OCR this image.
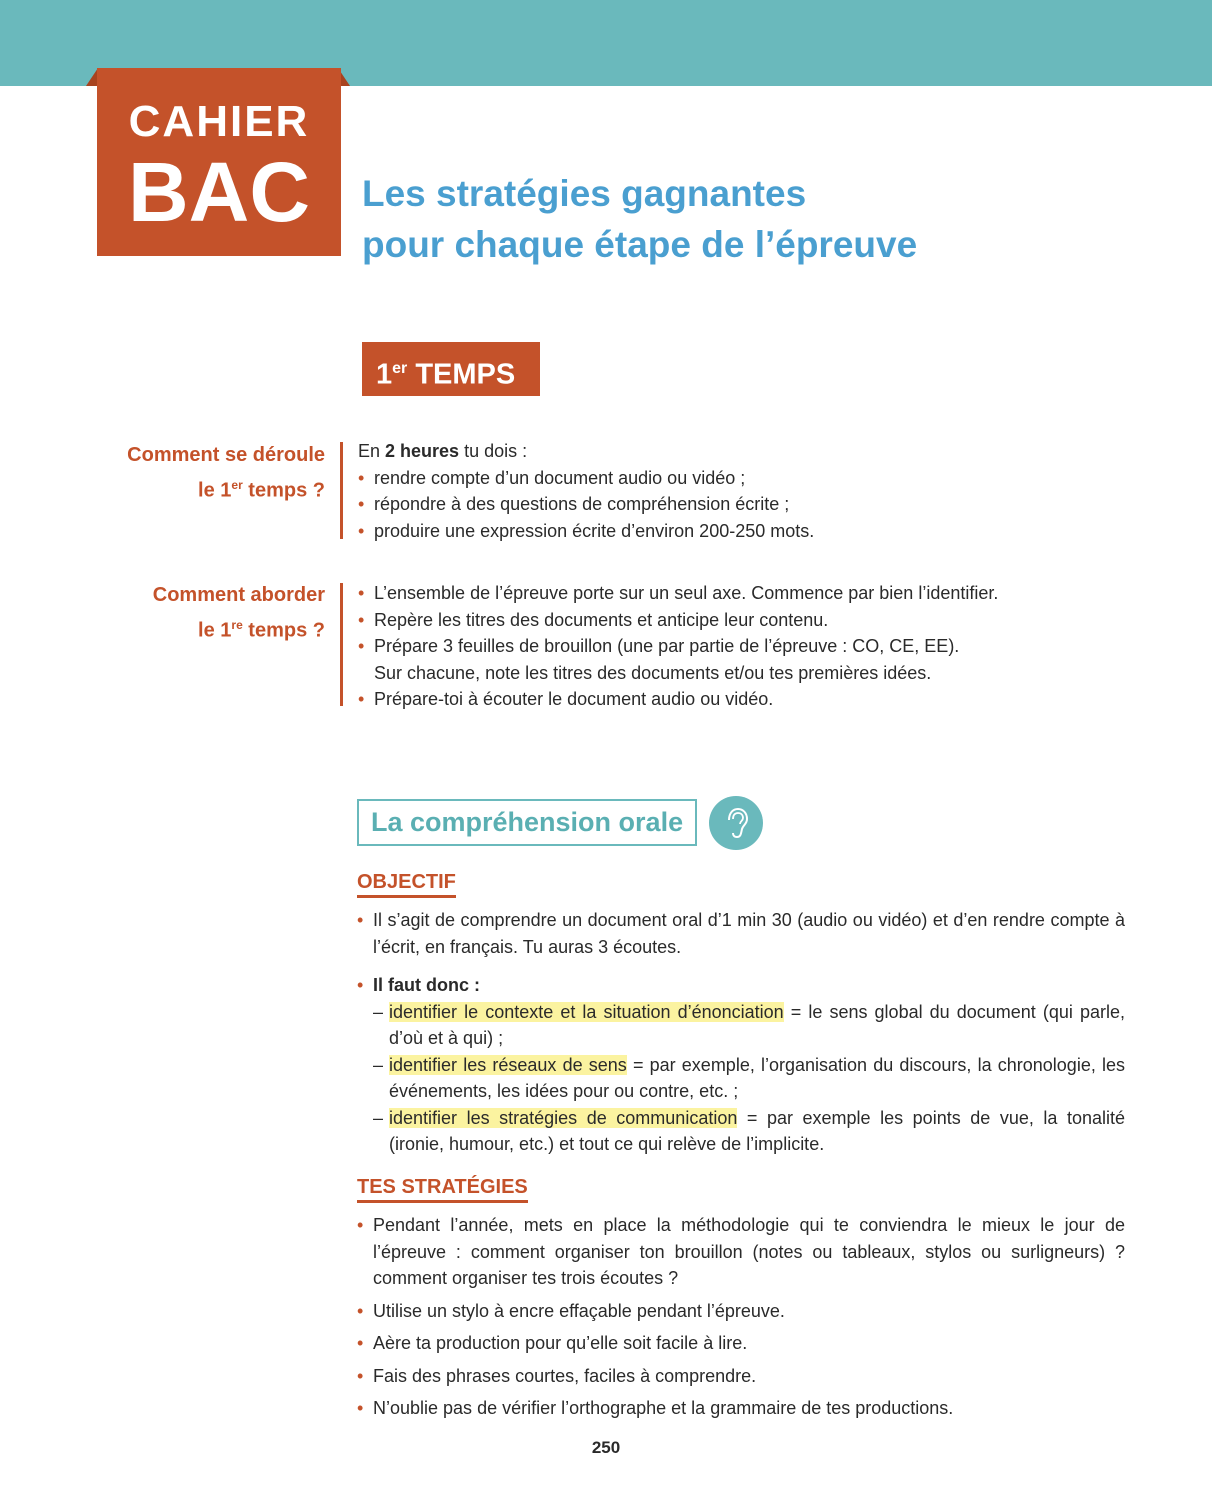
CAHIER
BAC	Les stratégies gagnantes
pour chaque étape de l’épreuve
1er TEMPS
Comment se déroule
le 1er temps ?
En 2 heures tu dois :
• rendre compte d’un document audio ou vidéo ;
• répondre à des questions de compréhension écrite ;
• produire une expression écrite d’environ 200-250 mots.
Comment aborder
le 1re temps ?
• L’ensemble de l’épreuve porte sur un seul axe. Commence par bien l’identifier.
• Repère les titres des documents et anticipe leur contenu.
• Prépare 3 feuilles de brouillon (une par partie de l’épreuve : CO, CE, EE).
Sur chacune, note les titres des documents et/ou tes premières idées.
• Prépare-toi à écouter le document audio ou vidéo.
La compréhension orale
OBJECTIF
• Il s’agit de comprendre un document oral d’1 min 30 (audio ou vidéo) et d’en rendre compte à l’écrit, en français. Tu auras 3 écoutes.
• Il faut donc :
– identifier le contexte et la situation d’énonciation = le sens global du document (qui parle, d’où et à qui) ;
– identifier les réseaux de sens = par exemple, l’organisation du discours, la chronologie, les événements, les idées pour ou contre, etc. ;
– identifier les stratégies de communication = par exemple les points de vue, la tonalité (ironie, humour, etc.) et tout ce qui relève de l’implicite.
TES STRATÉGIES
• Pendant l’année, mets en place la méthodologie qui te conviendra le mieux le jour de l’épreuve : comment organiser ton brouillon (notes ou tableaux, stylos ou surligneurs) ? comment organiser tes trois écoutes ?
• Utilise un stylo à encre effaçable pendant l’épreuve.
• Aère ta production pour qu’elle soit facile à lire.
• Fais des phrases courtes, faciles à comprendre.
• N’oublie pas de vérifier l’orthographe et la grammaire de tes productions.
250
